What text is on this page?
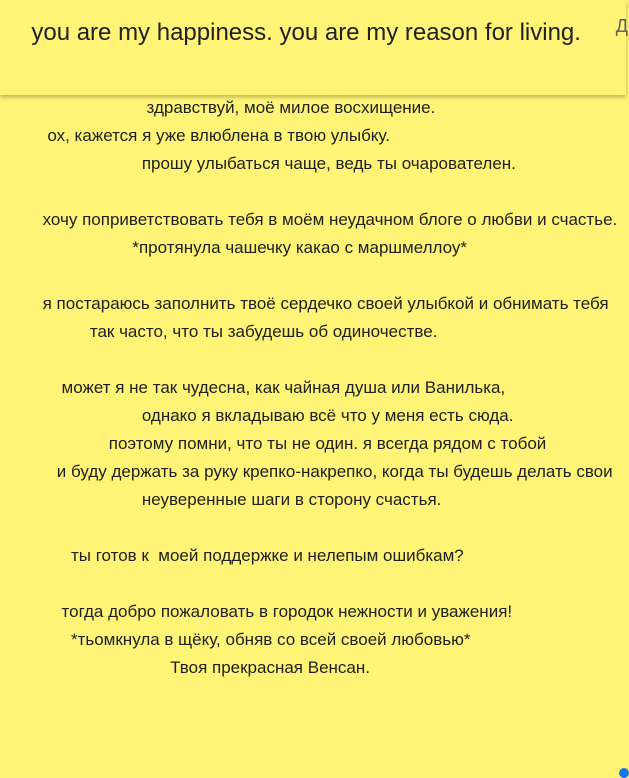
you are my happiness. you are my reason for living.	Д
здравствуй, моё милое восхищение.
ох, кажется я уже влюблена в твою улыбку.
прошу улыбаться чаще, ведь ты очарователен.

хочу поприветствовать тебя в моём неудачном блоге о любви и счастье.
*протянула чашечку какао с маршмеллоу*

я постараюсь заполнить твоё сердечко своей улыбкой и обнимать тебя
так часто, что ты забудешь об одиночестве.

может я не так чудесна, как чайная душа или Ванилька,
однако я вкладываю всё что у меня есть сюда.
поэтому помни, что ты не один. я всегда рядом с тобой
и буду держать за руку крепко-накрепко, когда ты будешь делать свои
неуверенные шаги в сторону счастья.

ты готов к  моей поддержке и нелепым ошибкам?

тогда добро пожаловать в городок нежности и уважения!
*тьомкнула в щёку, обняв со всей своей любовью*
Твоя прекрасная Венсан.
